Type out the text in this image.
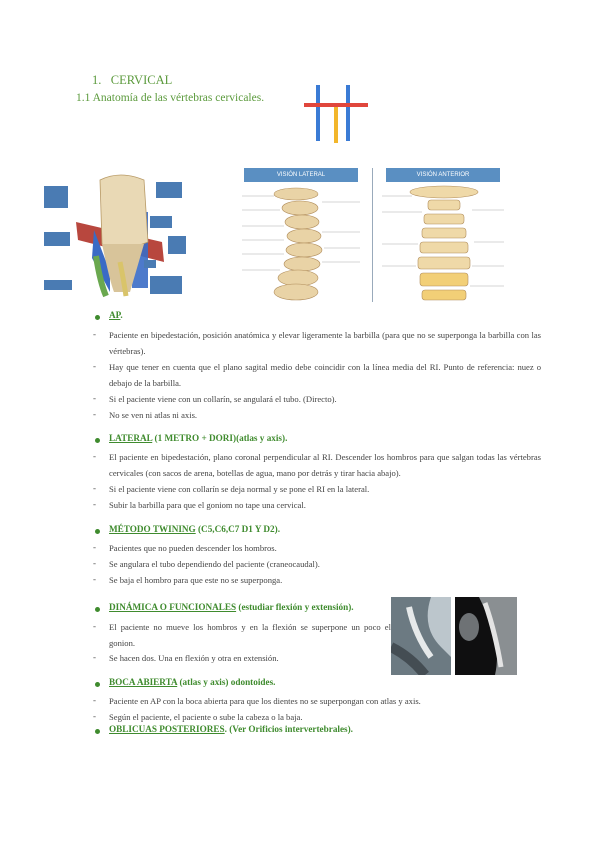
1. CERVICAL
1.1 Anatomía de las vértebras cervicales.
VISIÓN LATERAL	VISIÓN ANTERIOR
AP.
- Paciente en bipedestación, posición anatómica y elevar ligeramente la barbilla (para que no se superponga la barbilla con las vértebras).
- Hay que tener en cuenta que el plano sagital medio debe coincidir con la línea media del RI. Punto de referencia: nuez o debajo de la barbilla.
- Si el paciente viene con un collarín, se angulará el tubo. (Directo).
- No se ven ni atlas ni axis.
LATERAL (1 METRO + DORI)(atlas y axis).
- El paciente en bipedestación, plano coronal perpendicular al RI. Descender los hombros para que salgan todas las vértebras cervicales (con sacos de arena, botellas de agua, mano por detrás y tirar hacia abajo).
- Si el paciente viene con collarín se deja normal y se pone el RI en la lateral.
- Subir la barbilla para que el goniom no tape una cervical.
MÉTODO TWINING (C5,C6,C7 D1 Y D2).
- Pacientes que no pueden descender los hombros.
- Se angulara el tubo dependiendo del paciente (craneocaudal).
- Se baja el hombro para que este no se superponga.
DINÁMICA O FUNCIONALES (estudiar flexión y extensión).
- El paciente no mueve los hombros y en la flexión se superpone un poco el gonion.
- Se hacen dos. Una en flexión y otra en extensión.
BOCA ABIERTA (atlas y axis) odontoides.
- Paciente en AP con la boca abierta para que los dientes no se superpongan con atlas y axis.
- Según el paciente, el paciente o sube la cabeza o la baja.
OBLICUAS POSTERIORES. (Ver Orificios intervertebrales).
